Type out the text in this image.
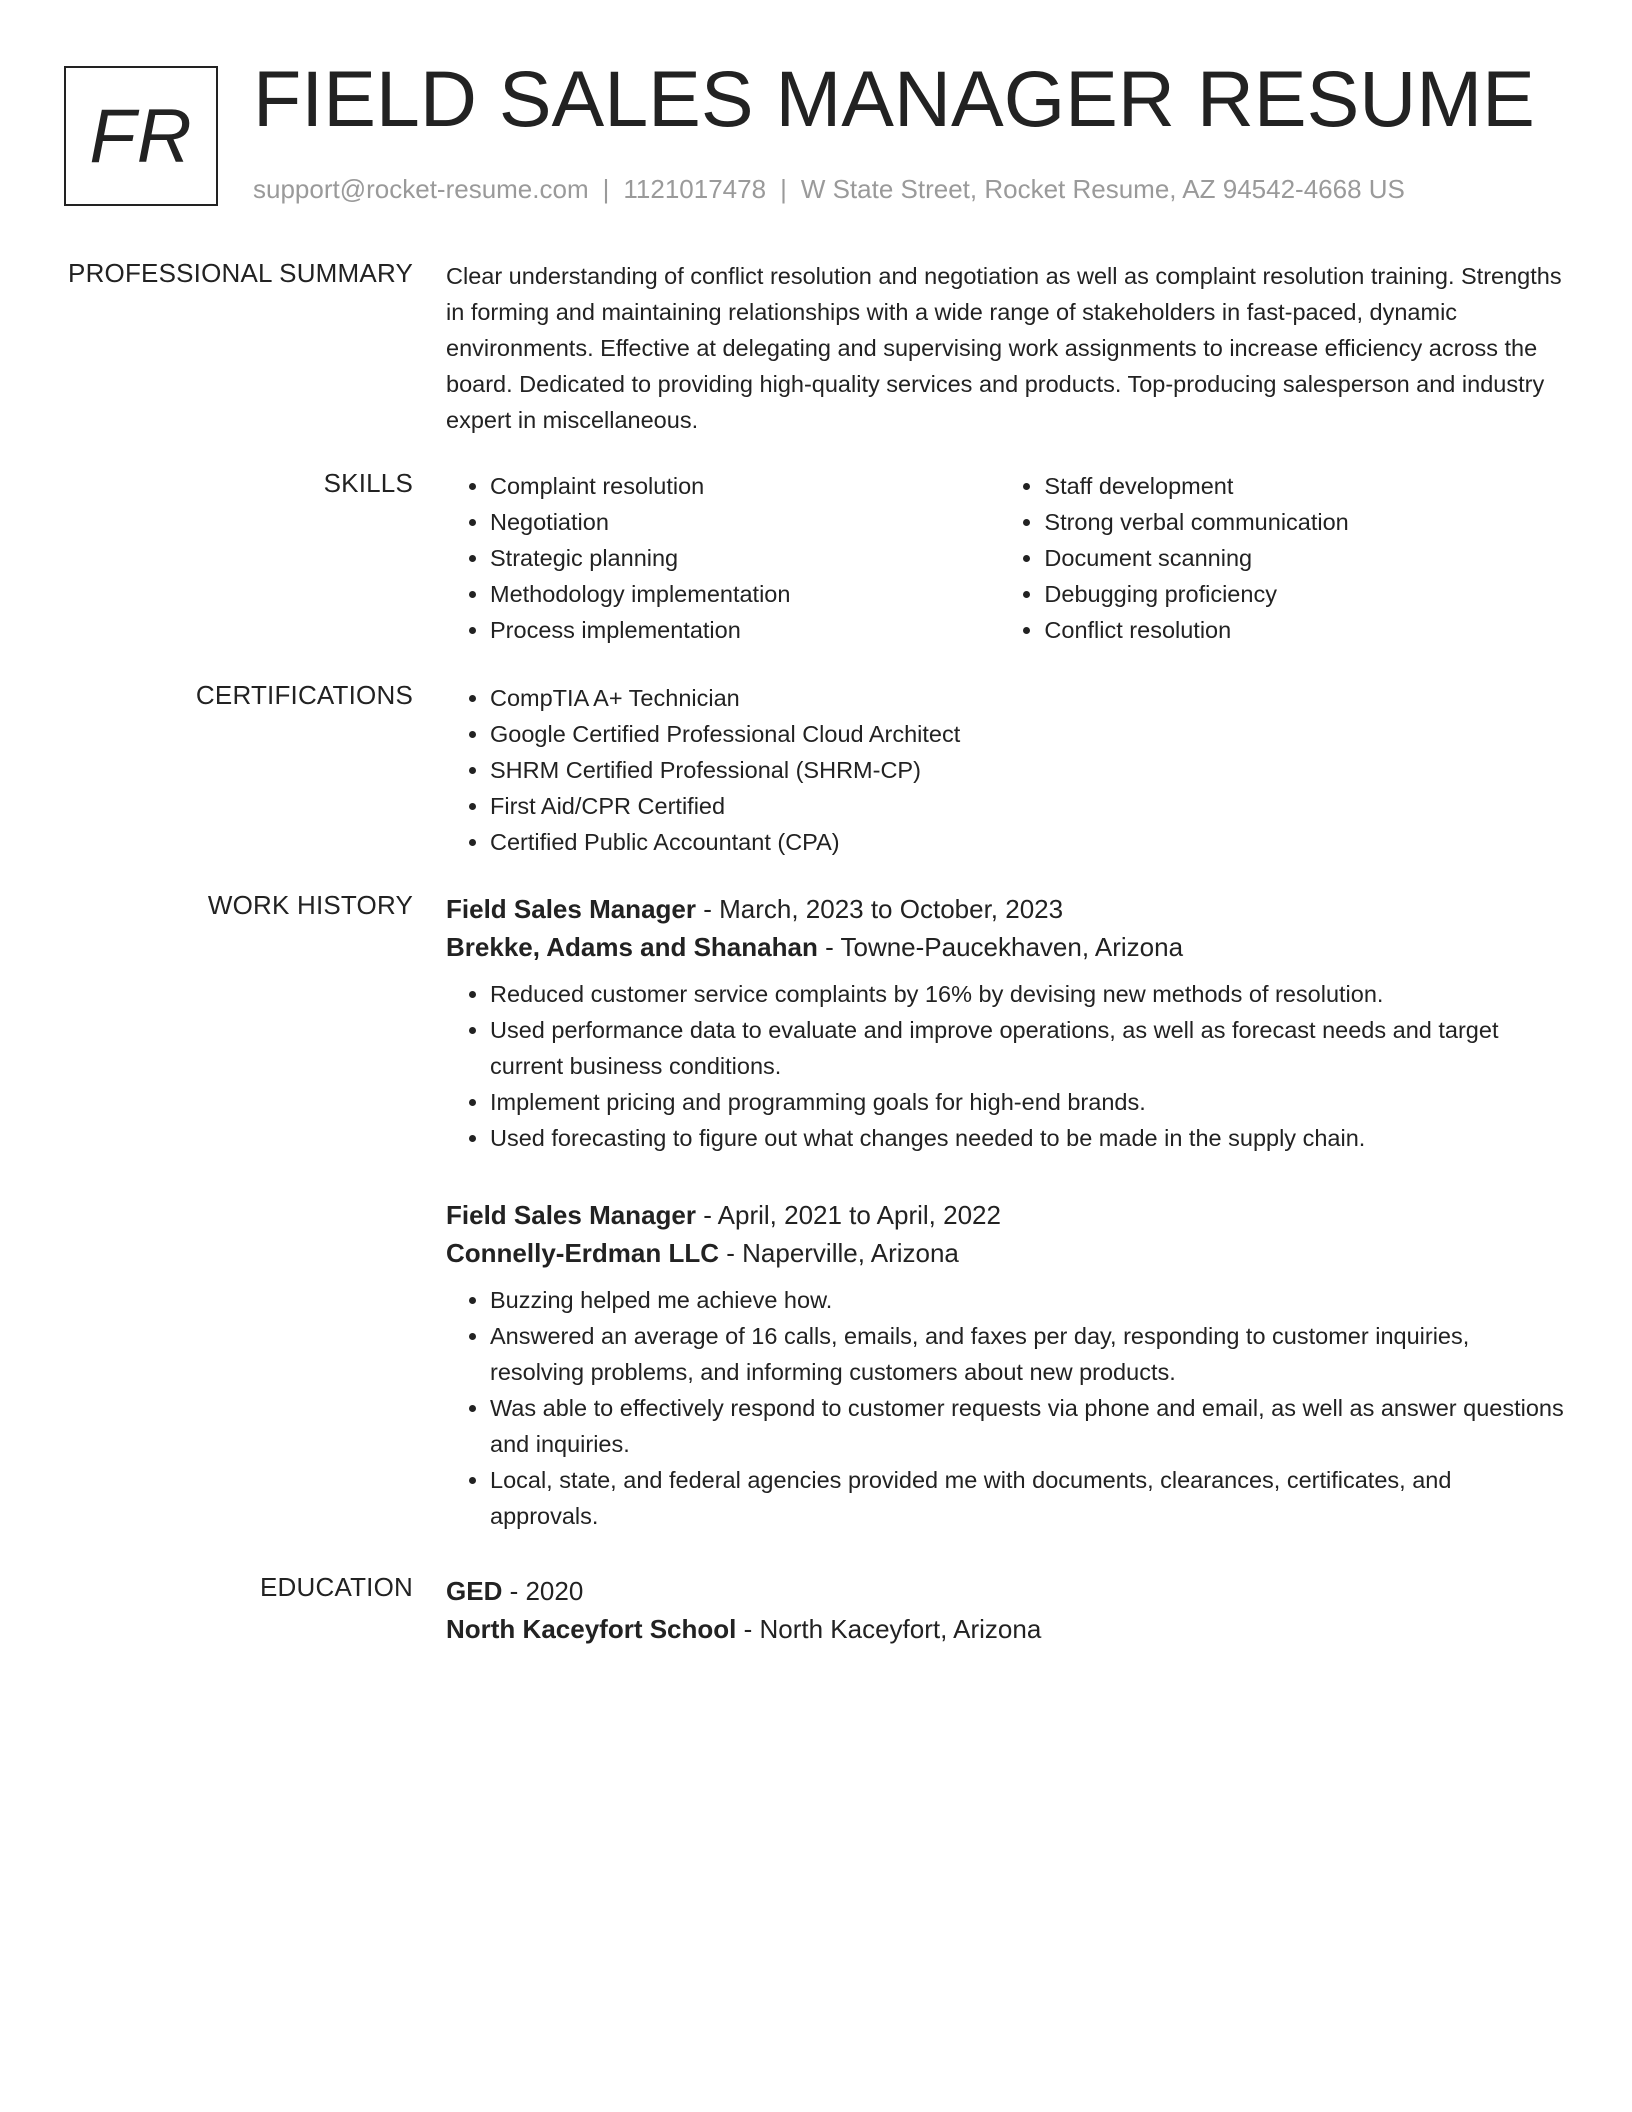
FR FIELD SALES MANAGER RESUME
support@rocket-resume.com | 1121017478 | W State Street, Rocket Resume, AZ 94542-4668 US
PROFESSIONAL SUMMARY Clear understanding of conflict resolution and negotiation as well as complaint resolution training. Strengths in forming and maintaining relationships with a wide range of stakeholders in fast-paced, dynamic environments. Effective at delegating and supervising work assignments to increase efficiency across the board. Dedicated to providing high-quality services and products. Top-producing salesperson and industry expert in miscellaneous.

SKILLS	• Complaint resolution
• Negotiation
• Strategic planning
• Methodology implementation
• Process implementation
• Staff development
• Strong verbal communication
• Document scanning
• Debugging proficiency
• Conflict resolution
CERTIFICATIONS	• CompTIA A+ Technician
• Google Certified Professional Cloud Architect
• SHRM Certified Professional (SHRM-CP)
• First Aid/CPR Certified
• Certified Public Accountant (CPA)
WORK HISTORY Field Sales Manager - March, 2023 to October, 2023
Brekke, Adams and Shanahan - Towne-Paucekhaven, Arizona
• Reduced customer service complaints by 16% by devising new methods of resolution.
• Used performance data to evaluate and improve operations, as well as forecast needs and target current business conditions.
• Implement pricing and programming goals for high-end brands.
• Used forecasting to figure out what changes needed to be made in the supply chain.
Field Sales Manager - April, 2021 to April, 2022
Connelly-Erdman LLC - Naperville, Arizona
• Buzzing helped me achieve how.
• Answered an average of 16 calls, emails, and faxes per day, responding to customer inquiries, resolving problems, and informing customers about new products.
• Was able to effectively respond to customer requests via phone and email, as well as answer questions and inquiries.
• Local, state, and federal agencies provided me with documents, clearances, certificates, and approvals.
EDUCATION GED - 2020
North Kaceyfort School - North Kaceyfort, Arizona
